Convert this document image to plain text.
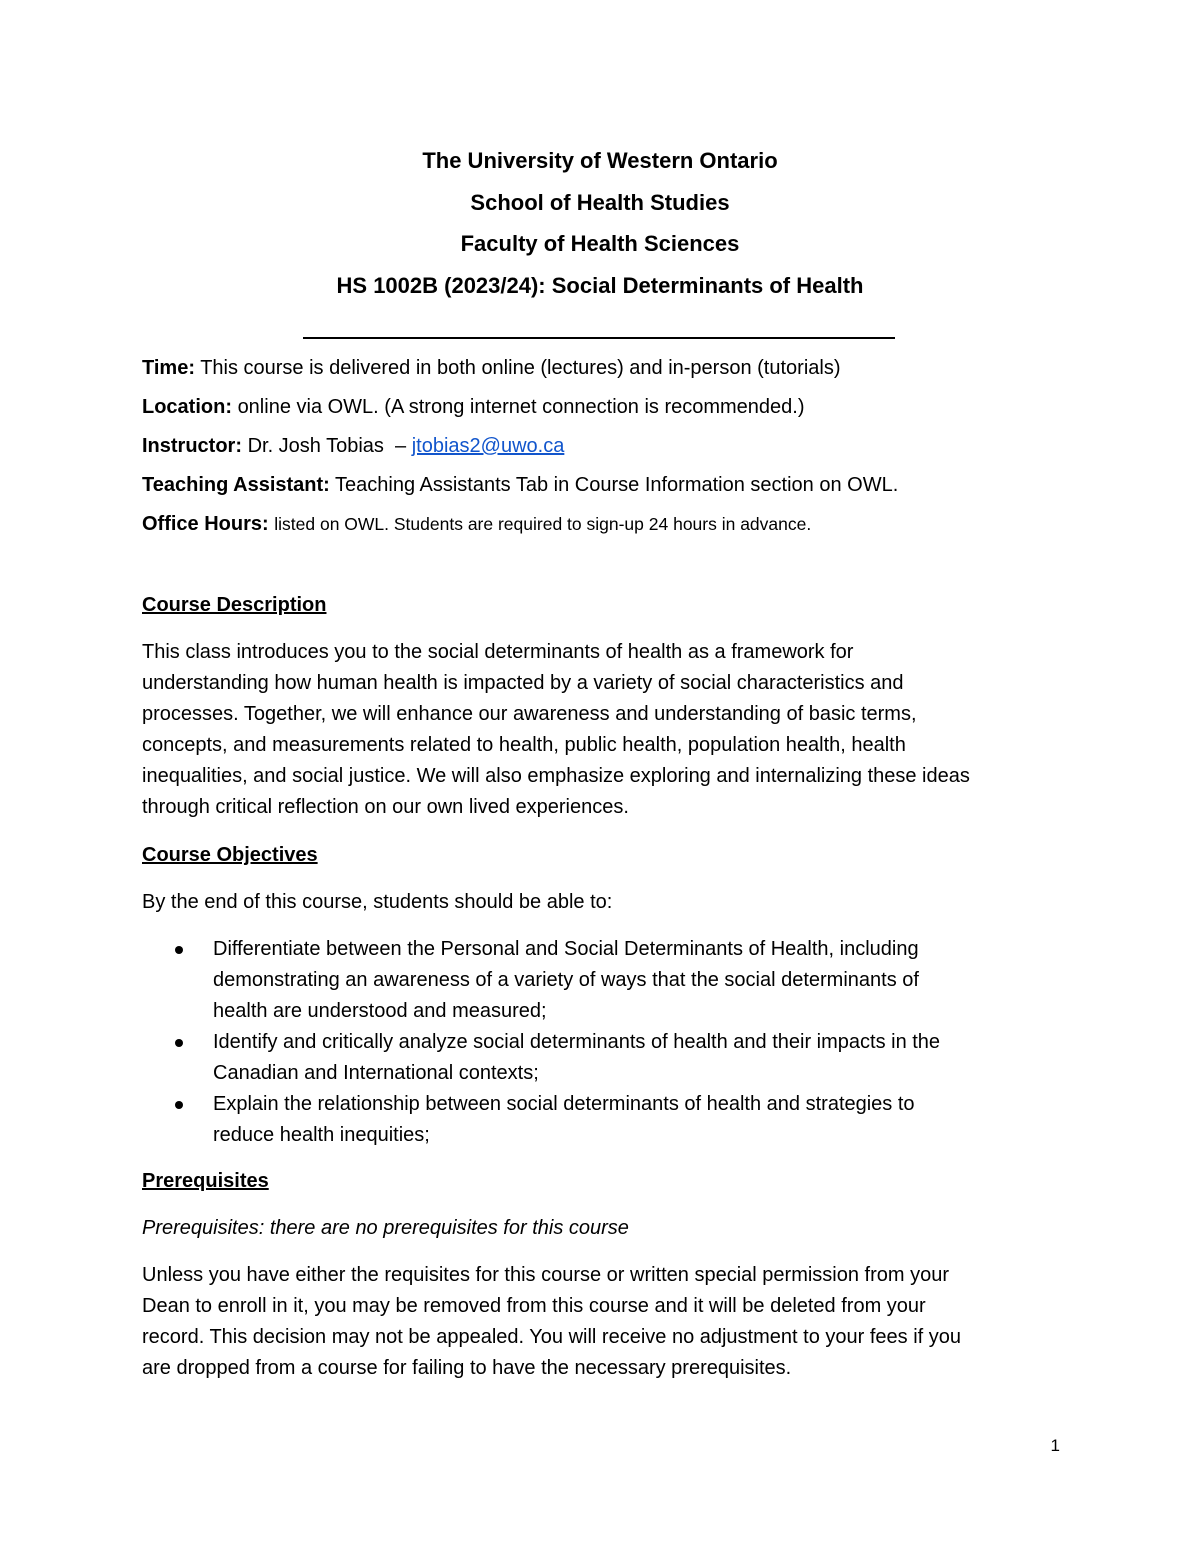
The University of Western Ontario
School of Health Studies
Faculty of Health Sciences
HS 1002B (2023/24): Social Determinants of Health
Time: This course is delivered in both online (lectures) and in-person (tutorials)
Location: online via OWL. (A strong internet connection is recommended.)
Instructor: Dr. Josh Tobias  – jtobias2@uwo.ca
Teaching Assistant: Teaching Assistants Tab in Course Information section on OWL.
Office Hours: listed on OWL. Students are required to sign-up 24 hours in advance.
Course Description

This class introduces you to the social determinants of health as a framework for
understanding how human health is impacted by a variety of social characteristics and
processes. Together, we will enhance our awareness and understanding of basic terms,
concepts, and measurements related to health, public health, population health, health
inequalities, and social justice. We will also emphasize exploring and internalizing these ideas
through critical reflection on our own lived experiences.

Course Objectives

By the end of this course, students should be able to:

Differentiate between the Personal and Social Determinants of Health, including
demonstrating an awareness of a variety of ways that the social determinants of
health are understood and measured;
Identify and critically analyze social determinants of health and their impacts in the
Canadian and International contexts;
Explain the relationship between social determinants of health and strategies to
reduce health inequities;
Prerequisites

Prerequisites: there are no prerequisites for this course

Unless you have either the requisites for this course or written special permission from your
Dean to enroll in it, you may be removed from this course and it will be deleted from your
record. This decision may not be appealed. You will receive no adjustment to your fees if you
are dropped from a course for failing to have the necessary prerequisites.

1
